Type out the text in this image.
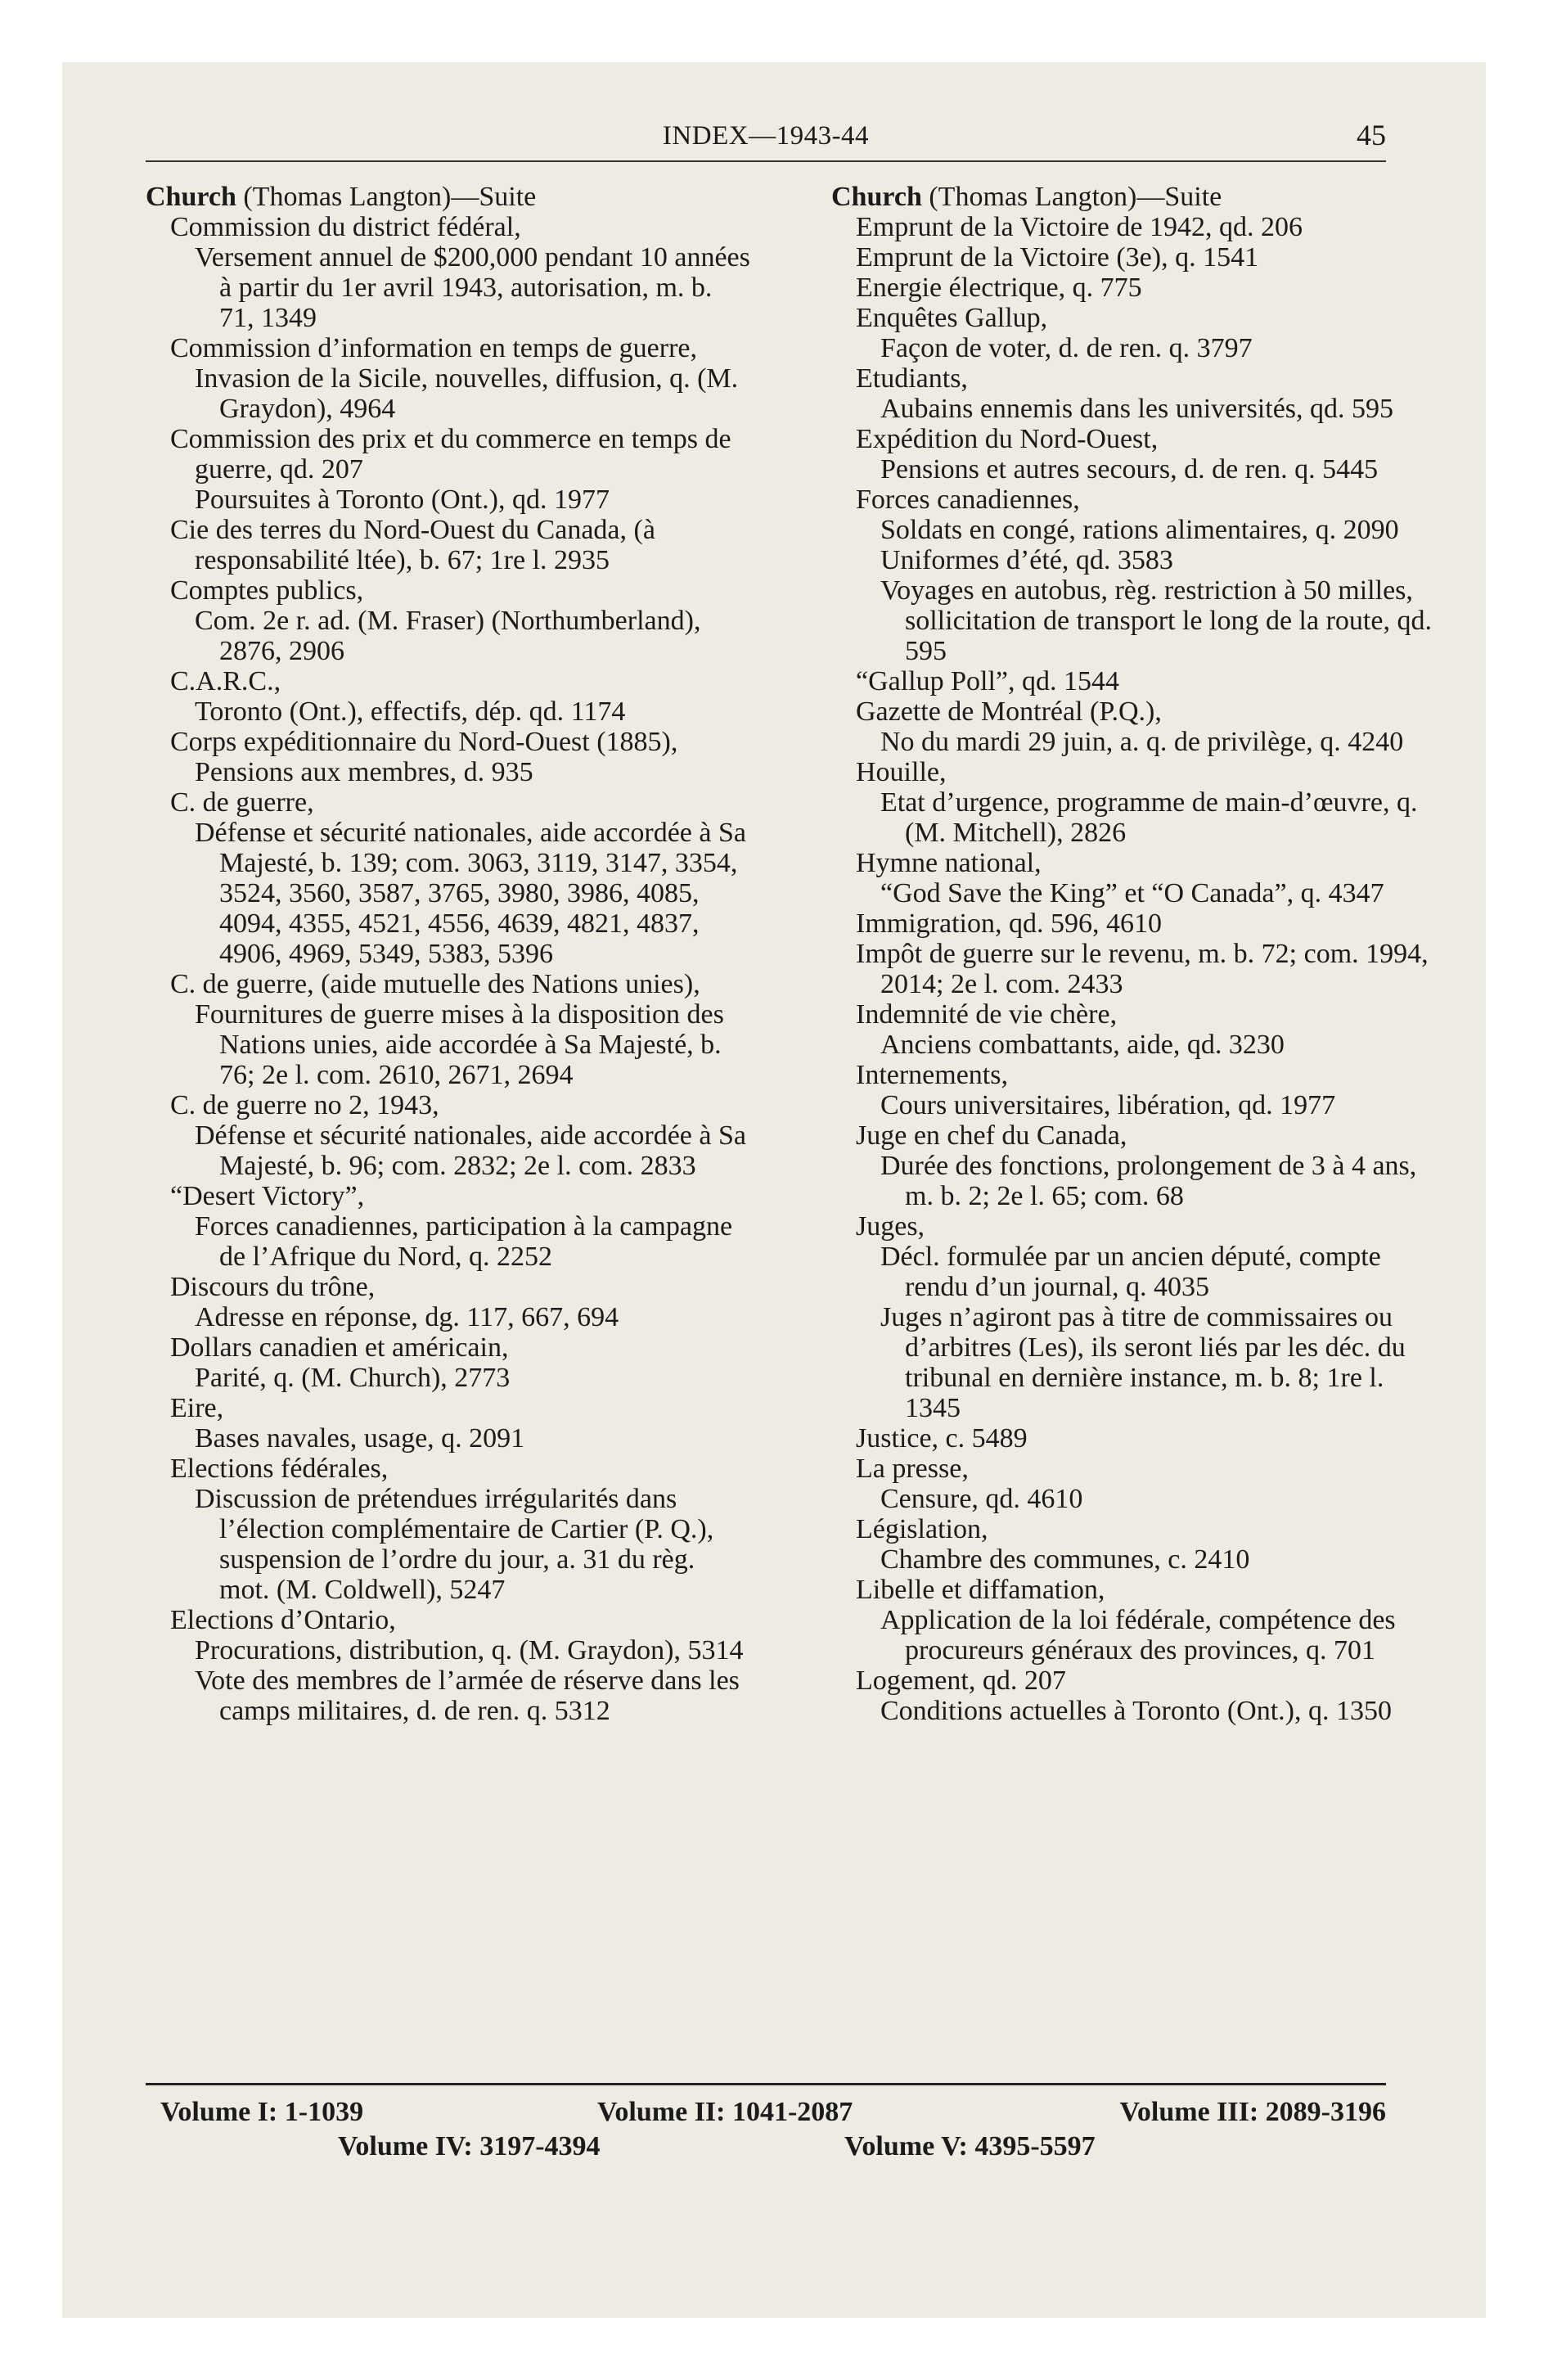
INDEX—1943-44	45

Church (Thomas Langton)—Suite

Commission du district fédéral,

Versement annuel de $200,000 pendant 10 années à partir du 1er avril 1943, autorisation, m. b. 71, 1349

Commission d’information en temps de guerre,

Invasion de la Sicile, nouvelles, diffusion, q. (M. Graydon), 4964

Commission des prix et du commerce en temps de guerre, qd. 207

Poursuites à Toronto (Ont.), qd. 1977

Cie des terres du Nord-Ouest du Canada, (à responsabilité ltée), b. 67; 1re l. 2935

Comptes publics,

Com. 2e r. ad. (M. Fraser) (Northumberland), 2876, 2906

C.A.R.C.,

Toronto (Ont.), effectifs, dép. qd. 1174

Corps expéditionnaire du Nord-Ouest (1885),

Pensions aux membres, d. 935

C. de guerre,

Défense et sécurité nationales, aide accordée à Sa Majesté, b. 139; com. 3063, 3119, 3147, 3354, 3524, 3560, 3587, 3765, 3980, 3986, 4085, 4094, 4355, 4521, 4556, 4639, 4821, 4837, 4906, 4969, 5349, 5383, 5396

C. de guerre, (aide mutuelle des Nations unies),

Fournitures de guerre mises à la disposition des Nations unies, aide accordée à Sa Majesté, b. 76; 2e l. com. 2610, 2671, 2694

C. de guerre no 2, 1943,

Défense et sécurité nationales, aide accordée à Sa Majesté, b. 96; com. 2832; 2e l. com. 2833

“Desert Victory”,

Forces canadiennes, participation à la campagne de l’Afrique du Nord, q. 2252

Discours du trône,

Adresse en réponse, dg. 117, 667, 694

Dollars canadien et américain,

Parité, q. (M. Church), 2773

Eire,

Bases navales, usage, q. 2091

Elections fédérales,

Discussion de prétendues irrégularités dans l’élection complémentaire de Cartier (P. Q.), suspension de l’ordre du jour, a. 31 du règ. mot. (M. Coldwell), 5247

Elections d’Ontario,

Procurations, distribution, q. (M. Graydon), 5314

Vote des membres de l’armée de réserve dans les camps militaires, d. de ren. q. 5312

Church (Thomas Langton)—Suite

Emprunt de la Victoire de 1942, qd. 206

Emprunt de la Victoire (3e), q. 1541

Energie électrique, q. 775

Enquêtes Gallup,

Façon de voter, d. de ren. q. 3797

Etudiants,

Aubains ennemis dans les universités, qd. 595

Expédition du Nord-Ouest,

Pensions et autres secours, d. de ren. q. 5445

Forces canadiennes,

Soldats en congé, rations alimentaires, q. 2090

Uniformes d’été, qd. 3583

Voyages en autobus, règ. restriction à 50 milles, sollicitation de transport le long de la route, qd. 595

“Gallup Poll”, qd. 1544

Gazette de Montréal (P.Q.),

No du mardi 29 juin, a. q. de privilège, q. 4240

Houille,

Etat d’urgence, programme de main-d’œuvre, q. (M. Mitchell), 2826

Hymne national,

“God Save the King” et “O Canada”, q. 4347

Immigration, qd. 596, 4610

Impôt de guerre sur le revenu, m. b. 72; com. 1994, 2014; 2e l. com. 2433

Indemnité de vie chère,

Anciens combattants, aide, qd. 3230

Internements,

Cours universitaires, libération, qd. 1977

Juge en chef du Canada,

Durée des fonctions, prolongement de 3 à 4 ans, m. b. 2; 2e l. 65; com. 68

Juges,

Décl. formulée par un ancien député, compte rendu d’un journal, q. 4035

Juges n’agiront pas à titre de commissaires ou d’arbitres (Les), ils seront liés par les déc. du tribunal en dernière instance, m. b. 8; 1re l. 1345

Justice, c. 5489

La presse,

Censure, qd. 4610

Législation,

Chambre des communes, c. 2410

Libelle et diffamation,

Application de la loi fédérale, compétence des procureurs généraux des provinces, q. 701

Logement, qd. 207

Conditions actuelles à Toronto (Ont.), q. 1350

Volume I: 1-1039	Volume II: 1041-2087	Volume III: 2089-3196
Volume IV: 3197-4394	Volume V: 4395-5597
